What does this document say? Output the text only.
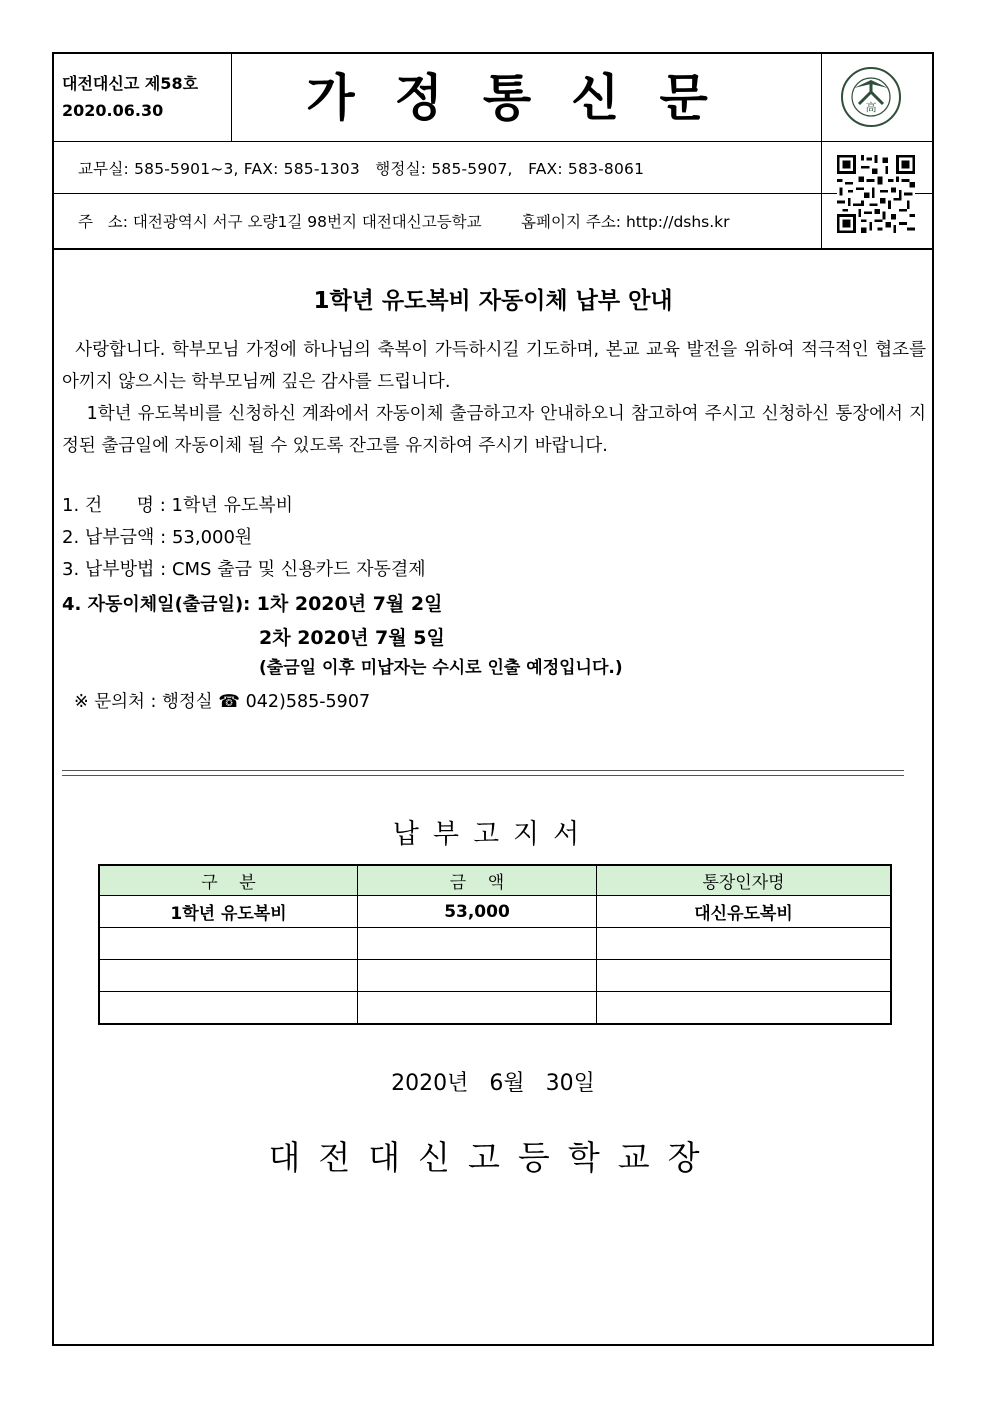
대전대신고 제58호
2020.06.30	가정통신문	高
교무실: 585-5901~3, FAX: 585-1303   행정실: 585-5907,   FAX: 583-8061
주   소: 대전광역시 서구 오량1길 98번지 대전대신고등학교        홈페이지 주소: http://dshs.kr
1학년 유도복비 자동이체 납부 안내
사랑합니다. 학부모님 가정에 하나님의 축복이 가득하시길 기도하며, 본교 교육 발전을 위하여 적극적인 협조를 아끼지 않으시는 학부모님께 깊은 감사를 드립니다.
1학년 유도복비를 신청하신 계좌에서 자동이체 출금하고자 안내하오니 참고하여 주시고 신청하신 통장에서 지정된 출금일에 자동이체 될 수 있도록 잔고를 유지하여 주시기 바랍니다.
1. 건      명 : 1학년 유도복비
2. 납부금액 : 53,000원
3. 납부방법 : CMS 출금 및 신용카드 자동결제
4. 자동이체일(출금일): 1차 2020년 7월 2일
2차 2020년 7월 5일
(출금일 이후 미납자는 수시로 인출 예정입니다.)
※ 문의처 : 행정실 ☎ 042)585-5907
납부고지서
구    분	금    액	통장인자명
1학년 유도복비	53,000	대신유도복비

2020년   6월   30일
대전대신고등학교장
